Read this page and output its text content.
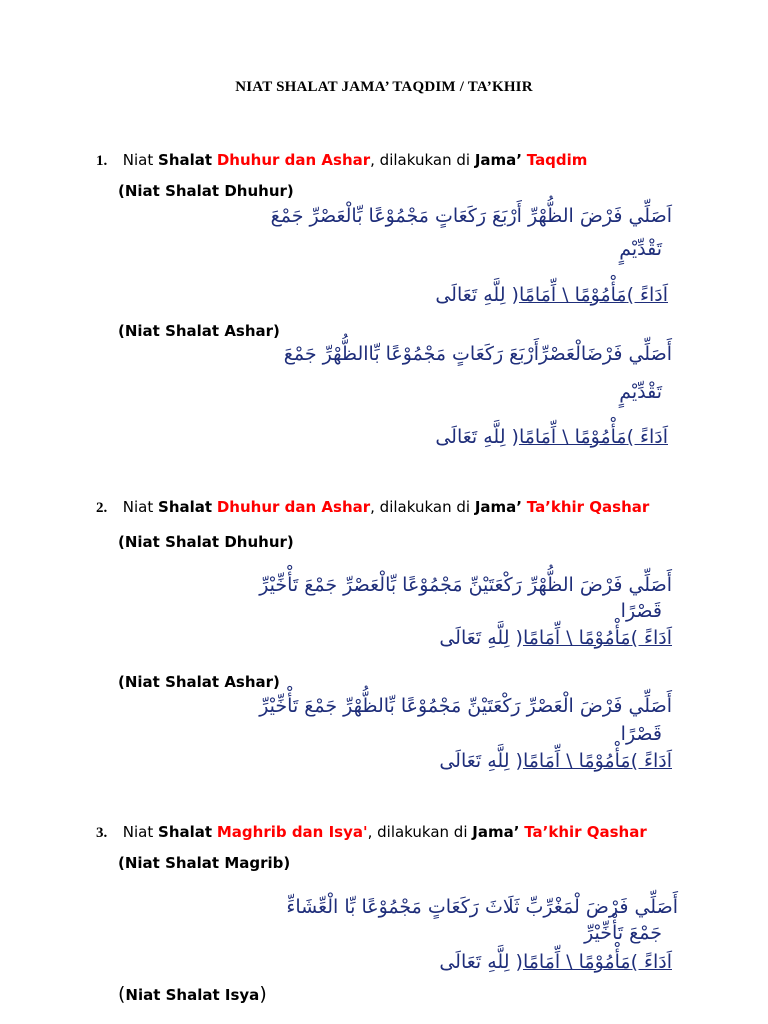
NIAT SHALAT JAMA’ TAQDIM / TA’KHIR
1. Niat Shalat Dhuhur dan Ashar, dilakukan di Jama’ Taqdim
(Niat Shalat Dhuhur)
اَصَلِّي فَرْضَ الظُّهْرِّ أَرْبَعَ رَكَعَاتٍ مَجْمُوْعًا بِّالْعَصْرِّ جَمْعَ
تَقْدِّيْمٍ
اَدَاءً )مَأْمُوْمًا \ اِّمَامًا( لِلَّهِ تَعَالَى
(Niat Shalat Ashar)
أَصَلِّي فَرْضَالْعَصْرِّأَرْبَعَ رَكَعَاتٍ مَجْمُوْعًا بِّاالظُّهْرِّ جَمْعَ
تَقْدِّيْمٍ
اَدَاءً )مَأْمُوْمًا \ اِّمَامًا( لِلَّهِ تَعَالَى
2. Niat Shalat Dhuhur dan Ashar, dilakukan di Jama’ Ta’khir Qashar
(Niat Shalat Dhuhur)
أَصَلِّي فَرْضَ الظُّهْرِّ رَكْعَتَيْنِّ مَجْمُوْعًا بِّالْعَصْرِّ جَمْعَ تَأْخِّيْرِّ
قَصْرًا
اَدَاءً )مَأْمُوْمًا \ اِّمَامًا( لِلَّهِ تَعَالَى
(Niat Shalat Ashar)
أَصَلِّي فَرْضَ الْعَصْرِّ رَكْعَتَيْنِّ مَجْمُوْعًا بِّالظُّهْرِّ جَمْعَ تَأْخِّيْرِّ
قَصْرًا
اَدَاءً )مَأْمُوْمًا \ اِّمَامًا( لِلَّهِ تَعَالَى
3. Niat Shalat Maghrib dan Isya', dilakukan di Jama’ Ta’khir Qashar
(Niat Shalat Magrib)
أَصَلِّي فَرْضَ لْمَغْرِّبِّ ثَلَاثَ رَكَعَاتٍ مَجْمُوْعًا بِّا الْعِّشَاءِّ
جَمْعَ تَأْخِّيْرِّ
اَدَاءً )مَأْمُوْمًا \ اِّمَامًا( لِلَّهِ تَعَالَى
(Niat Shalat Isya)
